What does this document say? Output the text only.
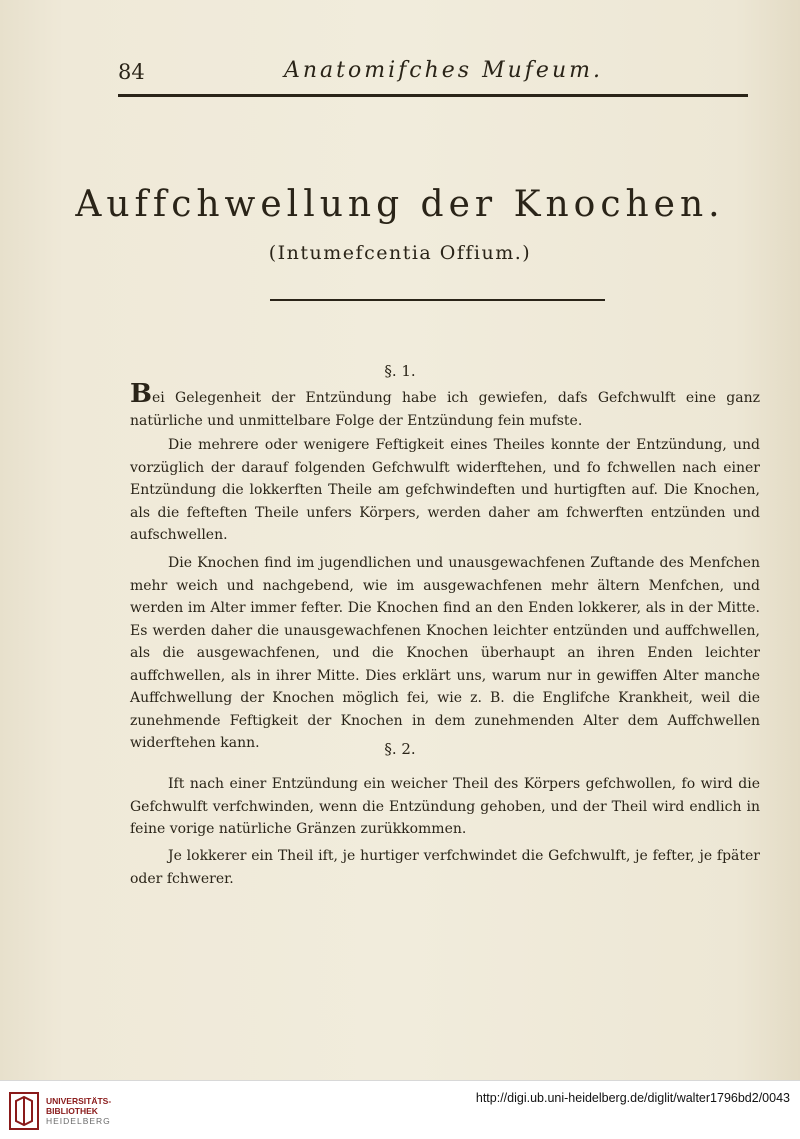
84	Anatomifches Mufeum.
Auffchwellung der Knochen.
(Intumefcentia Offium.)
§. 1.

Bei Gelegenheit der Entzündung habe ich gewiefen, dafs Gefchwulft eine ganz natürliche und unmittelbare Folge der Entzündung fein mufste.

Die mehrere oder wenigere Feftigkeit eines Theiles konnte der Entzündung, und vorzüglich der darauf folgenden Gefchwulft widerftehen, und fo fchwellen nach einer Entzündung die lokkerften Theile am gefchwindeften und hurtigften auf. Die Knochen, als die fefteften Theile unfers Körpers, werden daher am fchwerften entzünden und aufschwellen.

Die Knochen find im jugendlichen und unausgewachfenen Zuftande des Menfchen mehr weich und nachgebend, wie im ausgewachfenen mehr ältern Menfchen, und werden im Alter immer fefter. Die Knochen find an den Enden lokkerer, als in der Mitte. Es werden daher die unausgewachfenen Knochen leichter entzünden und auffchwellen, als die ausgewachfenen, und die Knochen überhaupt an ihren Enden leichter auffchwellen, als in ihrer Mitte. Dies erklärt uns, warum nur in gewiffen Alter manche Auffchwellung der Knochen möglich fei, wie z. B. die Englifche Krankheit, weil die zunehmende Feftigkeit der Knochen in dem zunehmenden Alter dem Auffchwellen widerftehen kann.	§. 2.

Ift nach einer Entzündung ein weicher Theil des Körpers gefchwollen, fo wird die Gefchwulft verfchwinden, wenn die Entzündung gehoben, und der Theil wird endlich in feine vorige natürliche Gränzen zurükkommen.

Je lokkerer ein Theil ift, je hurtiger verfchwindet die Gefchwulft, je fefter, je fpäter oder fchwerer.

UNIVERSITÄTS-
BIBLIOTHEK
HEIDELBERG
http://digi.ub.uni-heidelberg.de/diglit/walter1796bd2/0043
